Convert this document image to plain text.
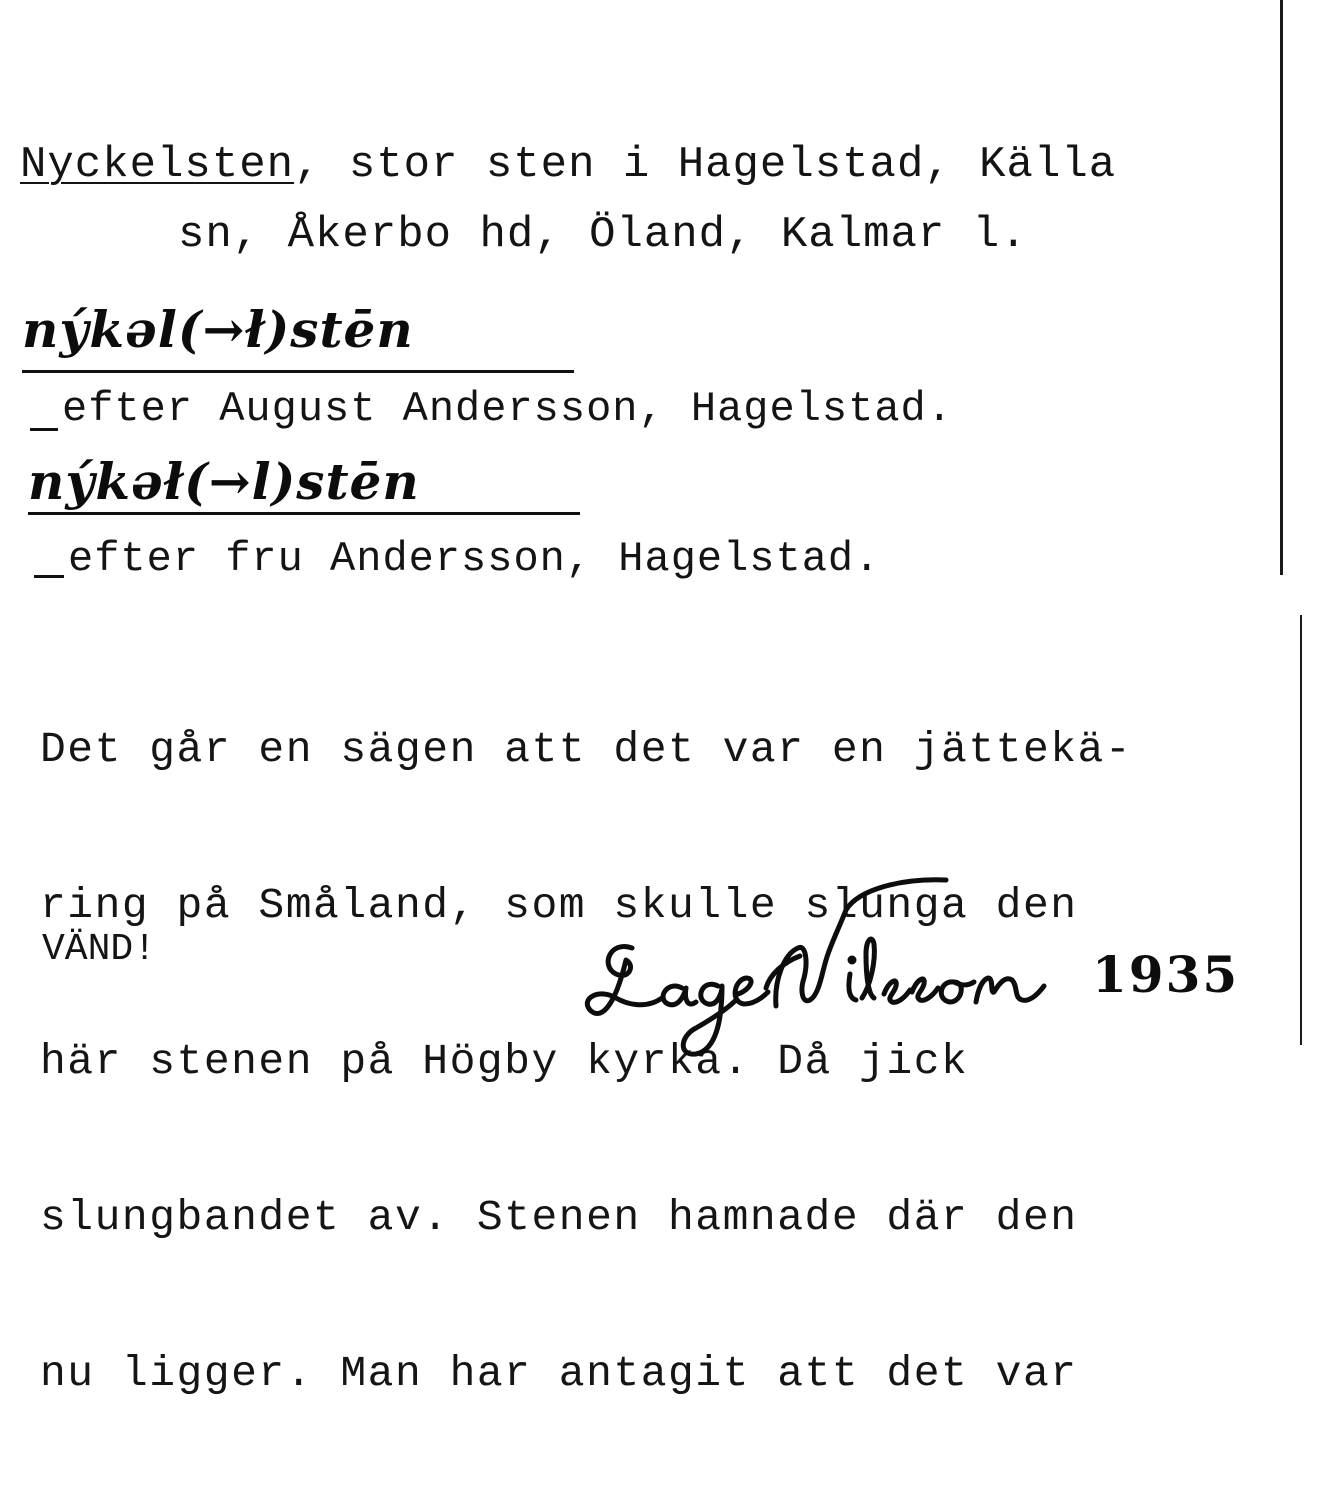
Nyckelsten, stor sten i Hagelstad, Källa
sn, Åkerbo hd, Öland, Kalmar l.
nýkəl(→ł)stēn
efter August Andersson, Hagelstad.
nýkəł(→l)stēn
efter fru Andersson, Hagelstad.

Det går en sägen att det var en jättekä-

ring på Småland, som skulle slunga den

här stenen på Högby kyrka. Då jick

slungbandet av. Stenen hamnade där den

nu ligger. Man har antagit att det var

VÄND!	1935
